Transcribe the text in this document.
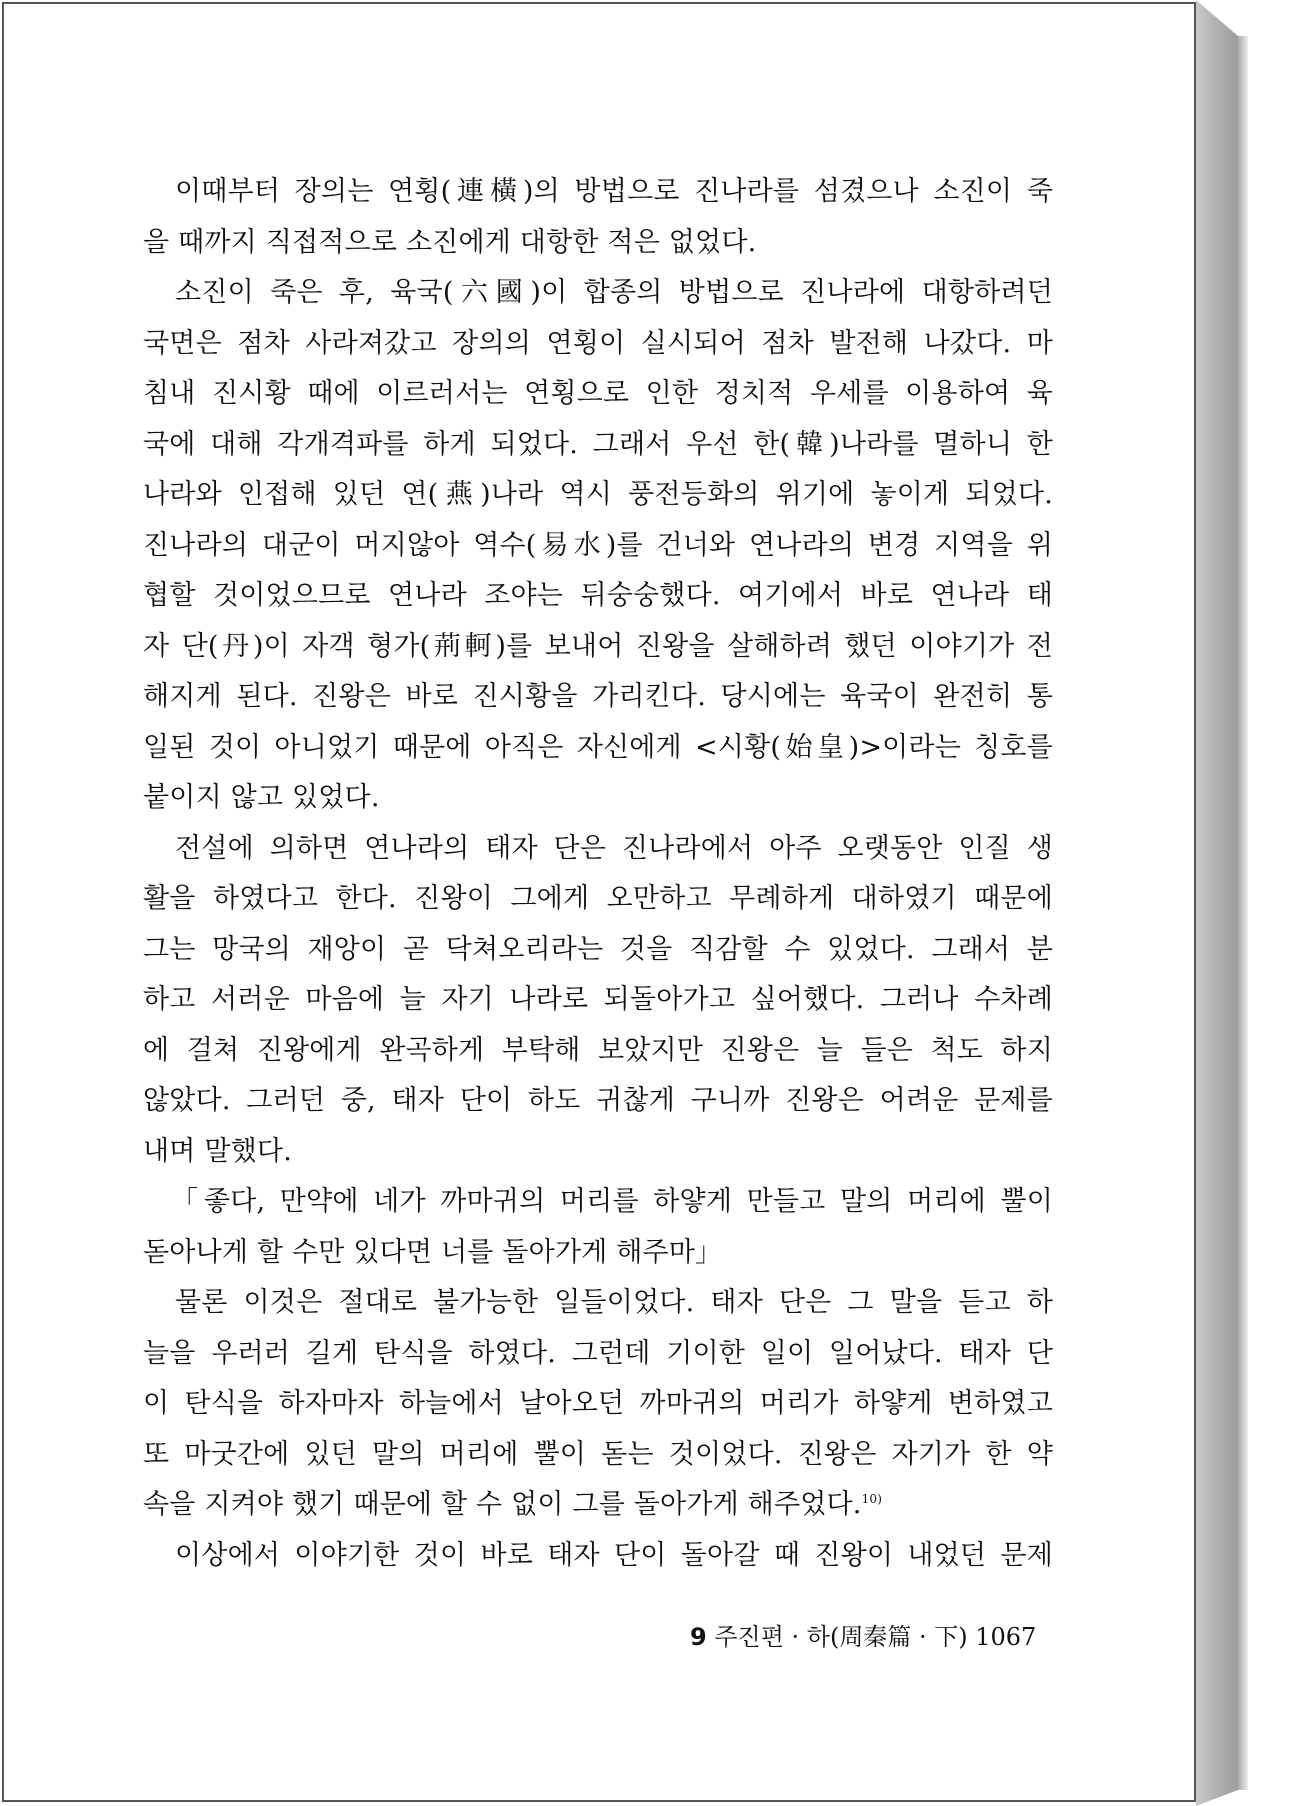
이때부터 장의는 연횡(連橫)의 방법으로 진나라를 섬겼으나 소진이 죽
을 때까지 직접적으로 소진에게 대항한 적은 없었다.
소진이 죽은 후, 육국(六國)이 합종의 방법으로 진나라에 대항하려던
국면은 점차 사라져갔고 장의의 연횡이 실시되어 점차 발전해 나갔다. 마
침내 진시황 때에 이르러서는 연횡으로 인한 정치적 우세를 이용하여 육
국에 대해 각개격파를 하게 되었다. 그래서 우선 한(韓)나라를 멸하니 한
나라와 인접해 있던 연(燕)나라 역시 풍전등화의 위기에 놓이게 되었다.
진나라의 대군이 머지않아 역수(易水)를 건너와 연나라의 변경 지역을 위
협할 것이었으므로 연나라 조야는 뒤숭숭했다. 여기에서 바로 연나라 태
자 단(丹)이 자객 형가(荊軻)를 보내어 진왕을 살해하려 했던 이야기가 전
해지게 된다. 진왕은 바로 진시황을 가리킨다. 당시에는 육국이 완전히 통
일된 것이 아니었기 때문에 아직은 자신에게 <시황(始皇)>이라는 칭호를
붙이지 않고 있었다.
전설에 의하면 연나라의 태자 단은 진나라에서 아주 오랫동안 인질 생
활을 하였다고 한다. 진왕이 그에게 오만하고 무례하게 대하였기 때문에
그는 망국의 재앙이 곧 닥쳐오리라는 것을 직감할 수 있었다. 그래서 분
하고 서러운 마음에 늘 자기 나라로 되돌아가고 싶어했다. 그러나 수차례
에 걸쳐 진왕에게 완곡하게 부탁해 보았지만 진왕은 늘 들은 척도 하지
않았다. 그러던 중, 태자 단이 하도 귀찮게 구니까 진왕은 어려운 문제를
내며 말했다.
「좋다, 만약에 네가 까마귀의 머리를 하얗게 만들고 말의 머리에 뿔이
돋아나게 할 수만 있다면 너를 돌아가게 해주마」
물론 이것은 절대로 불가능한 일들이었다. 태자 단은 그 말을 듣고 하
늘을 우러러 길게 탄식을 하였다. 그런데 기이한 일이 일어났다. 태자 단
이 탄식을 하자마자 하늘에서 날아오던 까마귀의 머리가 하얗게 변하였고
또 마굿간에 있던 말의 머리에 뿔이 돋는 것이었다. 진왕은 자기가 한 약
속을 지켜야 했기 때문에 할 수 없이 그를 돌아가게 해주었다.$^{10)}$
이상에서 이야기한 것이 바로 태자 단이 돌아갈 때 진왕이 내었던 문제
9 주진편 · 하(周秦篇 · 下) 1067
